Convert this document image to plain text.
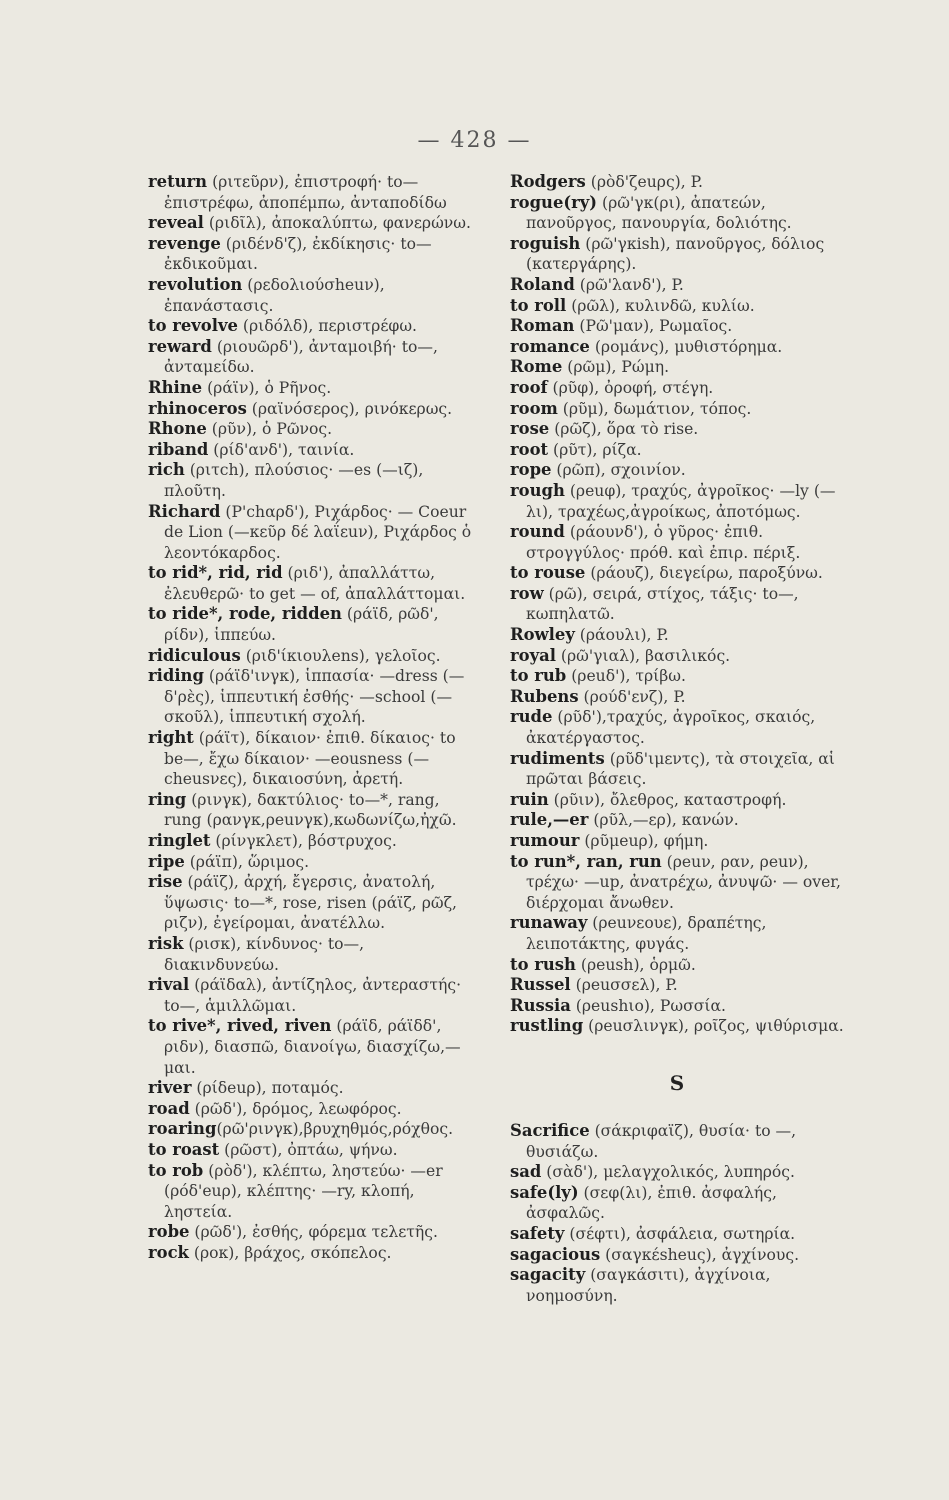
— 428 —
return (ριτεῦρν), ἐπιστροφή· to— ἐπιστρέφω, ἀποπέμπω, ἀνταποδίδω
reveal (ριδῖλ), ἀποκαλύπτω, φανερώνω.
revenge (ριδένδ'ζ), ἐκδίκησις· to— ἐκδικοῦμαι.
revolution (ρεδολιούσheuν), ἐπανάστασις.
to revolve (ριδόλδ), περιστρέφω.
reward (ριουῶρδ'), ἀνταμοιβή· to—, ἀνταμείδω.
Rhine (ράϊν), ὁ Ρῆνος.
rhinoceros (ραϊνόσερος), ρινόκερως.
Rhone (ρῦν), ὁ Ρῶνος.
riband (ρίδ'ανδ'), ταινία.
rich (ριτch), πλούσιος· —es (—ιζ), πλοῦτη.
Richard (Ρ'chαρδ'), Ριχάρδος· — Coeur de Lion (—κεῦρ δέ λαΐεuν), Ριχάρδος ὁ λεοντόκαρδος.
to rid*, rid, rid (ριδ'), ἀπαλλάττω, ἐλευθερῶ· to get — of, ἀπαλλάττομαι.
to ride*, rode, ridden (ράϊδ, ρῶδ', ρίδν), ἱππεύω.
ridiculous (ριδ'ίκιουλens), γελοῖος.
riding (ράϊδ'ινγκ), ἱππασία· —dress (—δ'ρὲς), ἱππευτική ἐσθής· —school (—σκοῦλ), ἱππευτική σχολή.
right (ράϊτ), δίκαιον· ἐπιθ. δίκαιος· to be—, ἔχω δίκαιον· —eousness (—cheusνες), δικαιοσύνη, ἀρετή.
ring (ρινγκ), δακτύλιος· to—*, rang, rung (ρανγκ,ρeuνγκ),κωδωνίζω,ἠχῶ.
ringlet (ρίνγκλετ), βόστρυχος.
ripe (ράϊπ), ὥριμος.
rise (ράϊζ), ἀρχή, ἔγερσις, ἀνατολή, ὕψωσις· to—*, rose, risen (ράϊζ, ρῶζ, ριζν), ἐγείρομαι, ἀνατέλλω.
risk (ρισκ), κίνδυνος· to—, διακινδυνεύω.
rival (ράϊδαλ), ἀντίζηλος, ἀντεραστής· to—, ἁμιλλῶμαι.
to rive*, rived, riven (ράϊδ, ράϊδδ', ριδν), διασπῶ, διανοίγω, διασχίζω,—μαι.
river (ρίδeuρ), ποταμός.
road (ρῶδ'), δρόμος, λεωφόρος.
roaring(ρῶ'ρινγκ),βρυχηθμός,ρόχθος.
to roast (ρῶστ), ὀπτάω, ψήνω.
to rob (ρὸδ'), κλέπτω, ληστεύω· —er (ρόδ'euρ), κλέπτης· —ry, κλοπή, ληστεία.
robe (ρῶδ'), ἐσθής, φόρεμα τελετῆς.
rock (ροκ), βράχος, σκόπελος.
Rodgers (ρὸδ'ζeuρς), P.
rogue(ry) (ρῶ'γκ(ρι), ἀπατεών, πανοῦργος, πανουργία, δολιότης.
roguish (ρῶ'γκish), πανοῦργος, δόλιος (κατεργάρης).
Roland (ρῶ'λανδ'), P.
to roll (ρῶλ), κυλινδῶ, κυλίω.
Roman (Ρῶ'μαν), Ρωμαῖος.
romance (ρομάνς), μυθιστόρημα.
Rome (ρῶμ), Ρώμη.
roof (ρῦφ), ὀροφή, στέγη.
room (ρῦμ), δωμάτιον, τόπος.
rose (ρῶζ), ὅρα τὸ rise.
root (ρῦτ), ρίζα.
rope (ρῶπ), σχοινίον.
rough (ρeuφ), τραχύς, ἀγροῖκος· —ly (—λι), τραχέως,ἀγροίκως, ἀποτόμως.
round (ράουνδ'), ὁ γῦρος· ἐπιθ. στρογγύλος· πρόθ. καὶ ἐπιρ. πέριξ.
to rouse (ράουζ), διεγείρω, παροξύνω.
row (ρῶ), σειρά, στίχος, τάξις· to—, κωπηλατῶ.
Rowley (ράουλι), P.
royal (ρῶ'γιαλ), βασιλικός.
to rub (ρeuδ'), τρίβω.
Rubens (ρούδ'ενζ), P.
rude (ρῦδ'),τραχύς, ἀγροῖκος, σκαιός, ἀκατέργαστος.
rudiments (ρῦδ'ιμεντς), τὰ στοιχεῖα, αἱ πρῶται βάσεις.
ruin (ρῦιν), ὄλεθρος, καταστροφή.
rule,—er (ρῦλ,—ερ), κανών.
rumour (ρῦμeuρ), φήμη.
to run*, ran, run (ρeuν, ραν, ρeuν), τρέχω· —up, ἀνατρέχω, ἀνυψῶ· — over, διέρχομαι ἄνωθεν.
runaway (ρeuνεουε), δραπέτης, λειποτάκτης, φυγάς.
to rush (ρeush), ὁρμῶ.
Russel (ρeuσσελ), P.
Russia (ρeushιο), Ρωσσία.
rustling (ρeuσλινγκ), ροῖζος, ψιθύρισμα.
S
Sacrifice (σάκριφαϊζ), θυσία· to —, θυσιάζω.
sad (σὰδ'), μελαγχολικός, λυπηρός.
safe(ly) (σεφ(λι), ἐπιθ. ἀσφαλής, ἀσφαλῶς.
safety (σέφτι), ἀσφάλεια, σωτηρία.
sagacious (σαγκέsheuς), ἀγχίνους.
sagacity (σαγκάσιτι), ἀγχίνοια, νοημοσύνη.
